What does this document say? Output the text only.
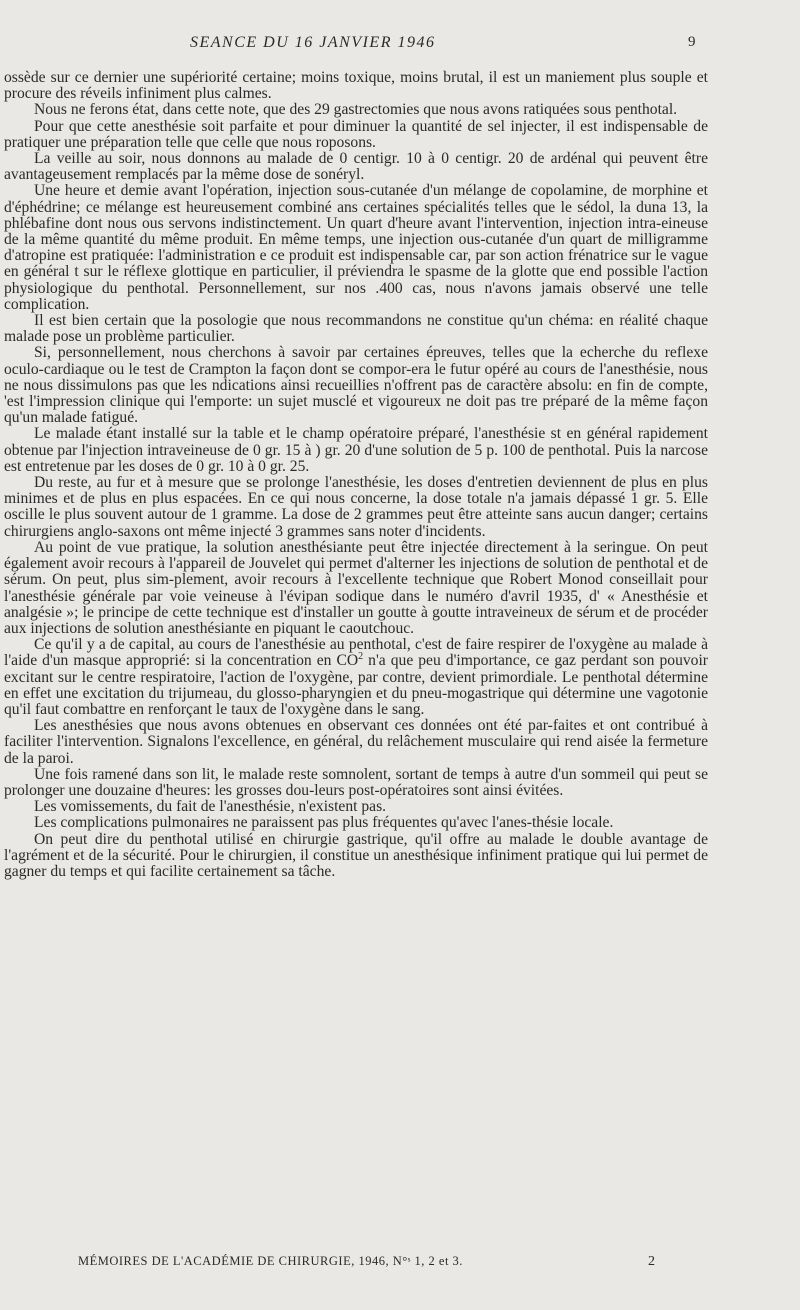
SEANCE DU 16 JANVIER 1946	9

ossède sur ce dernier une supériorité certaine; moins toxique, moins brutal, il est un maniement plus souple et procure des réveils infiniment plus calmes.

Nous ne ferons état, dans cette note, que des 29 gastrectomies que nous avons ratiquées sous penthotal.

Pour que cette anesthésie soit parfaite et pour diminuer la quantité de sel injecter, il est indispensable de pratiquer une préparation telle que celle que nous roposons.

La veille au soir, nous donnons au malade de 0 centigr. 10 à 0 centigr. 20 de ardénal qui peuvent être avantageusement remplacés par la même dose de sonéryl.

Une heure et demie avant l'opération, injection sous-cutanée d'un mélange de copolamine, de morphine et d'éphédrine; ce mélange est heureusement combiné ans certaines spécialités telles que le sédol, la duna 13, la phlébafine dont nous ous servons indistinctement. Un quart d'heure avant l'intervention, injection intra-eineuse de la même quantité du même produit. En même temps, une injection ous-cutanée d'un quart de milligramme d'atropine est pratiquée: l'administration e ce produit est indispensable car, par son action frénatrice sur le vague en général t sur le réflexe glottique en particulier, il préviendra le spasme de la glotte que end possible l'action physiologique du penthotal. Personnellement, sur nos .400 cas, nous n'avons jamais observé une telle complication.

Il est bien certain que la posologie que nous recommandons ne constitue qu'un chéma: en réalité chaque malade pose un problème particulier.

Si, personnellement, nous cherchons à savoir par certaines épreuves, telles que la echerche du reflexe oculo-cardiaque ou le test de Crampton la façon dont se compor-era le futur opéré au cours de l'anesthésie, nous ne nous dissimulons pas que les ndications ainsi recueillies n'offrent pas de caractère absolu: en fin de compte, 'est l'impression clinique qui l'emporte: un sujet musclé et vigoureux ne doit pas tre préparé de la même façon qu'un malade fatigué.

Le malade étant installé sur la table et le champ opératoire préparé, l'anesthésie st en général rapidement obtenue par l'injection intraveineuse de 0 gr. 15 à ) gr. 20 d'une solution de 5 p. 100 de penthotal. Puis la narcose est entretenue par les doses de 0 gr. 10 à 0 gr. 25.

Du reste, au fur et à mesure que se prolonge l'anesthésie, les doses d'entretien deviennent de plus en plus minimes et de plus en plus espacées. En ce qui nous concerne, la dose totale n'a jamais dépassé 1 gr. 5. Elle oscille le plus souvent autour de 1 gramme. La dose de 2 grammes peut être atteinte sans aucun danger; certains chirurgiens anglo-saxons ont même injecté 3 grammes sans noter d'incidents.

Au point de vue pratique, la solution anesthésiante peut être injectée directement à la seringue. On peut également avoir recours à l'appareil de Jouvelet qui permet d'alterner les injections de solution de penthotal et de sérum. On peut, plus sim-plement, avoir recours à l'excellente technique que Robert Monod conseillait pour l'anesthésie générale par voie veineuse à l'évipan sodique dans le numéro d'avril 1935, d' « Anesthésie et analgésie »; le principe de cette technique est d'installer un goutte à goutte intraveineux de sérum et de procéder aux injections de solution anesthésiante en piquant le caoutchouc.

Ce qu'il y a de capital, au cours de l'anesthésie au penthotal, c'est de faire respirer de l'oxygène au malade à l'aide d'un masque approprié: si la concentration en $CO^2$ n'a que peu d'importance, ce gaz perdant son pouvoir excitant sur le centre respiratoire, l'action de l'oxygène, par contre, devient primordiale. Le penthotal détermine en effet une excitation du trijumeau, du glosso-pharyngien et du pneu-mogastrique qui détermine une vagotonie qu'il faut combattre en renforçant le taux de l'oxygène dans le sang.

Les anesthésies que nous avons obtenues en observant ces données ont été par-faites et ont contribué à faciliter l'intervention. Signalons l'excellence, en général, du relâchement musculaire qui rend aisée la fermeture de la paroi.

Une fois ramené dans son lit, le malade reste somnolent, sortant de temps à autre d'un sommeil qui peut se prolonger une douzaine d'heures: les grosses dou-leurs post-opératoires sont ainsi évitées.

Les vomissements, du fait de l'anesthésie, n'existent pas.

Les complications pulmonaires ne paraissent pas plus fréquentes qu'avec l'anes-thésie locale.

On peut dire du penthotal utilisé en chirurgie gastrique, qu'il offre au malade le double avantage de l'agrément et de la sécurité. Pour le chirurgien, il constitue un anesthésique infiniment pratique qui lui permet de gagner du temps et qui facilite certainement sa tâche.

MÉMOIRES DE L'ACADÉMIE DE CHIRURGIE, 1946, N°ˢ 1, 2 et 3.	2
